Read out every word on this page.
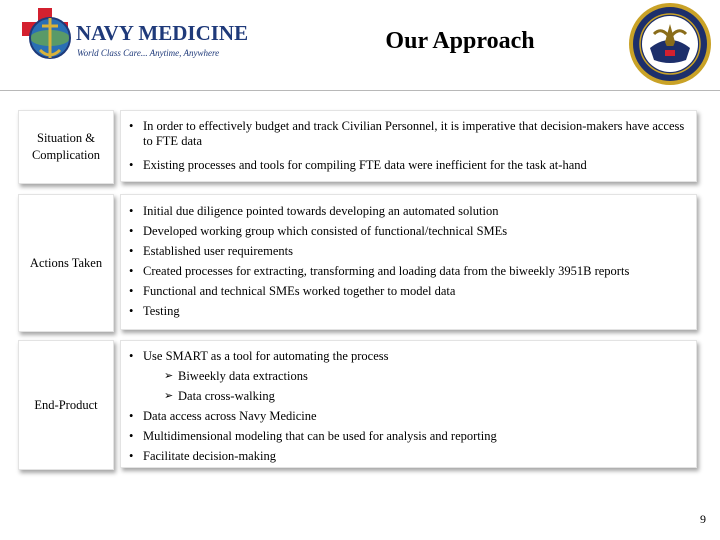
NAVY MEDICINE
World Class Care... Anytime, Anywhere	Our Approach
Situation & Complication
• In order to effectively budget and track Civilian Personnel, it is imperative that decision-makers have access to FTE data
• Existing processes and tools for compiling FTE data were inefficient for the task at-hand
Actions Taken
• Initial due diligence pointed towards developing an automated solution
• Developed working group which consisted of functional/technical SMEs
• Established user requirements
• Created processes for extracting, transforming and loading data from the biweekly 3951B reports
• Functional and technical SMEs worked together to model data
• Testing
End-Product
• Use SMART as a tool for automating the process
➢ Biweekly data extractions
➢ Data cross-walking
• Data access across Navy Medicine
• Multidimensional modeling that can be used for analysis and reporting
• Facilitate decision-making
9
